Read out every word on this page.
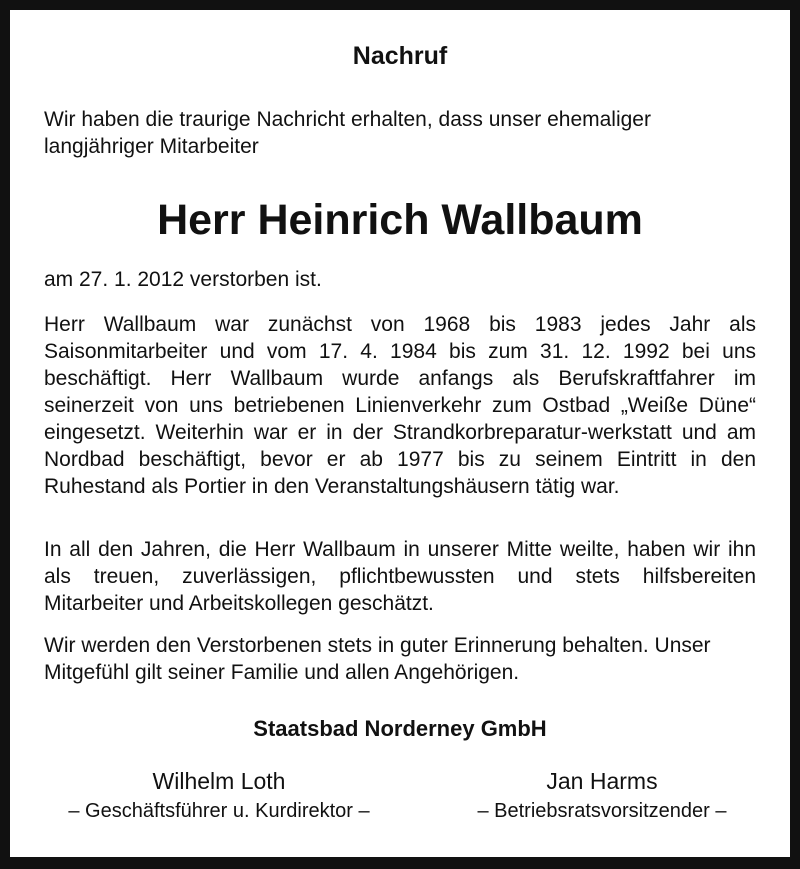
Nachruf
Wir haben die traurige Nachricht erhalten, dass unser ehemaliger langjähriger Mitarbeiter
Herr Heinrich Wallbaum
am 27. 1. 2012 verstorben ist.
Herr Wallbaum war zunächst von 1968 bis 1983 jedes Jahr als Saisonmitarbeiter und vom 17. 4. 1984 bis zum 31. 12. 1992 bei uns beschäftigt. Herr Wallbaum wurde anfangs als Berufskraftfahrer im seinerzeit von uns betriebenen Linienverkehr zum Ostbad „Weiße Düne“ eingesetzt. Weiterhin war er in der Strandkorbreparatur-werkstatt und am Nordbad beschäftigt, bevor er ab 1977 bis zu seinem Eintritt in den Ruhestand als Portier in den Veranstaltungshäusern tätig war.
In all den Jahren, die Herr Wallbaum in unserer Mitte weilte, haben wir ihn als treuen, zuverlässigen, pflichtbewussten und stets hilfsbereiten Mitarbeiter und Arbeitskollegen geschätzt.
Wir werden den Verstorbenen stets in guter Erinnerung behalten. Unser Mitgefühl gilt seiner Familie und allen Angehörigen.
Staatsbad Norderney GmbH
Wilhelm Loth
– Geschäftsführer u. Kurdirektor –
Jan Harms
– Betriebsratsvorsitzender –
